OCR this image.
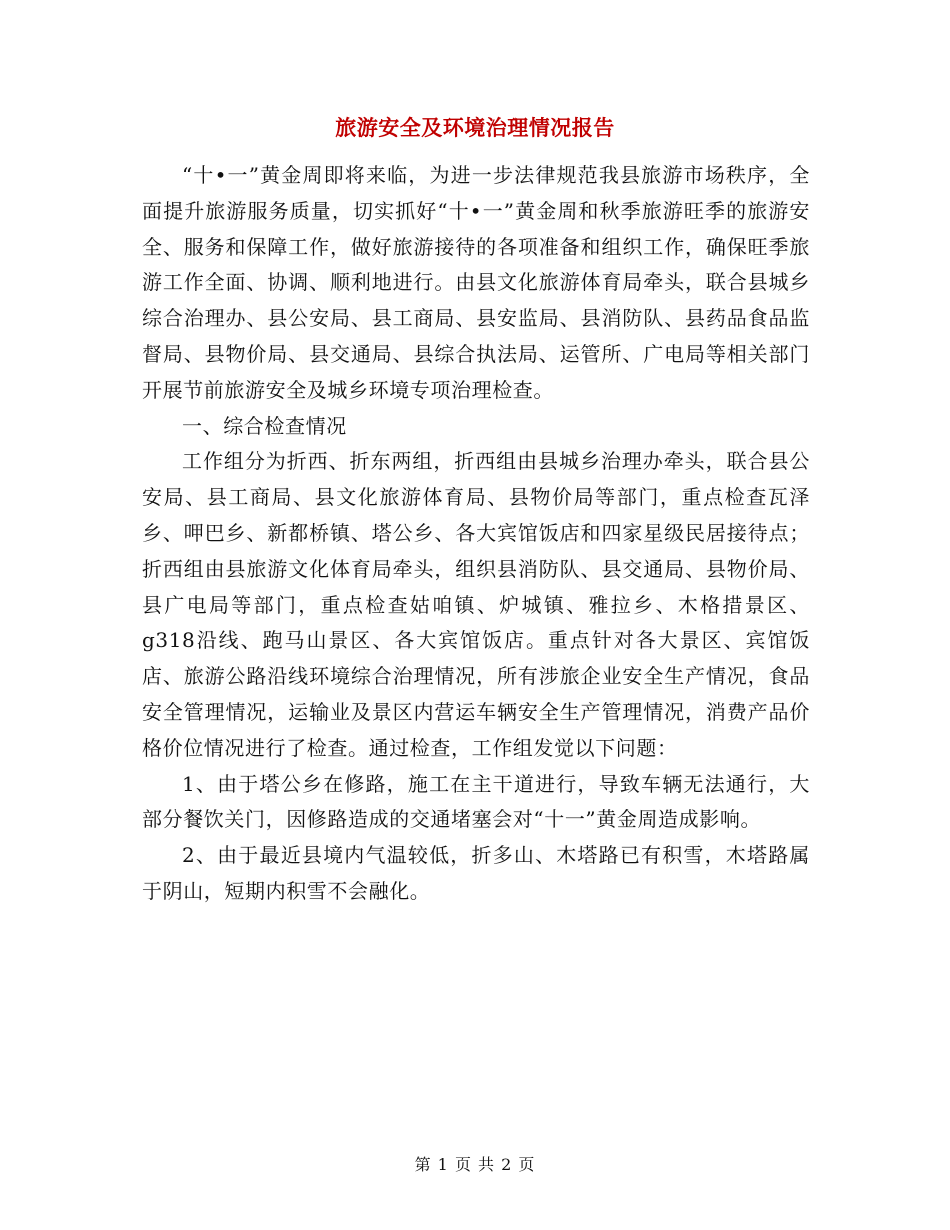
旅游安全及环境治理情况报告

“十•一”黄金周即将来临，为进一步法律规范我县旅游市场秩序，全面提升旅游服务质量，切实抓好“十•一”黄金周和秋季旅游旺季的旅游安全、服务和保障工作，做好旅游接待的各项准备和组织工作，确保旺季旅游工作全面、协调、顺利地进行。由县文化旅游体育局牵头，联合县城乡综合治理办、县公安局、县工商局、县安监局、县消防队、县药品食品监督局、县物价局、县交通局、县综合执法局、运管所、广电局等相关部门开展节前旅游安全及城乡环境专项治理检查。

一、综合检查情况

工作组分为折西、折东两组，折西组由县城乡治理办牵头，联合县公安局、县工商局、县文化旅游体育局、县物价局等部门，重点检查瓦泽乡、呷巴乡、新都桥镇、塔公乡、各大宾馆饭店和四家星级民居接待点；折西组由县旅游文化体育局牵头，组织县消防队、县交通局、县物价局、县广电局等部门，重点检查姑咱镇、炉城镇、雅拉乡、木格措景区、g318沿线、跑马山景区、各大宾馆饭店。重点针对各大景区、宾馆饭店、旅游公路沿线环境综合治理情况，所有涉旅企业安全生产情况，食品安全管理情况，运输业及景区内营运车辆安全生产管理情况，消费产品价格价位情况进行了检查。通过检查，工作组发觉以下问题：

1、由于塔公乡在修路，施工在主干道进行，导致车辆无法通行，大部分餐饮关门，因修路造成的交通堵塞会对“十一”黄金周造成影响。

2、由于最近县境内气温较低，折多山、木塔路已有积雪，木塔路属于阴山，短期内积雪不会融化。

第 1 页 共 2 页
